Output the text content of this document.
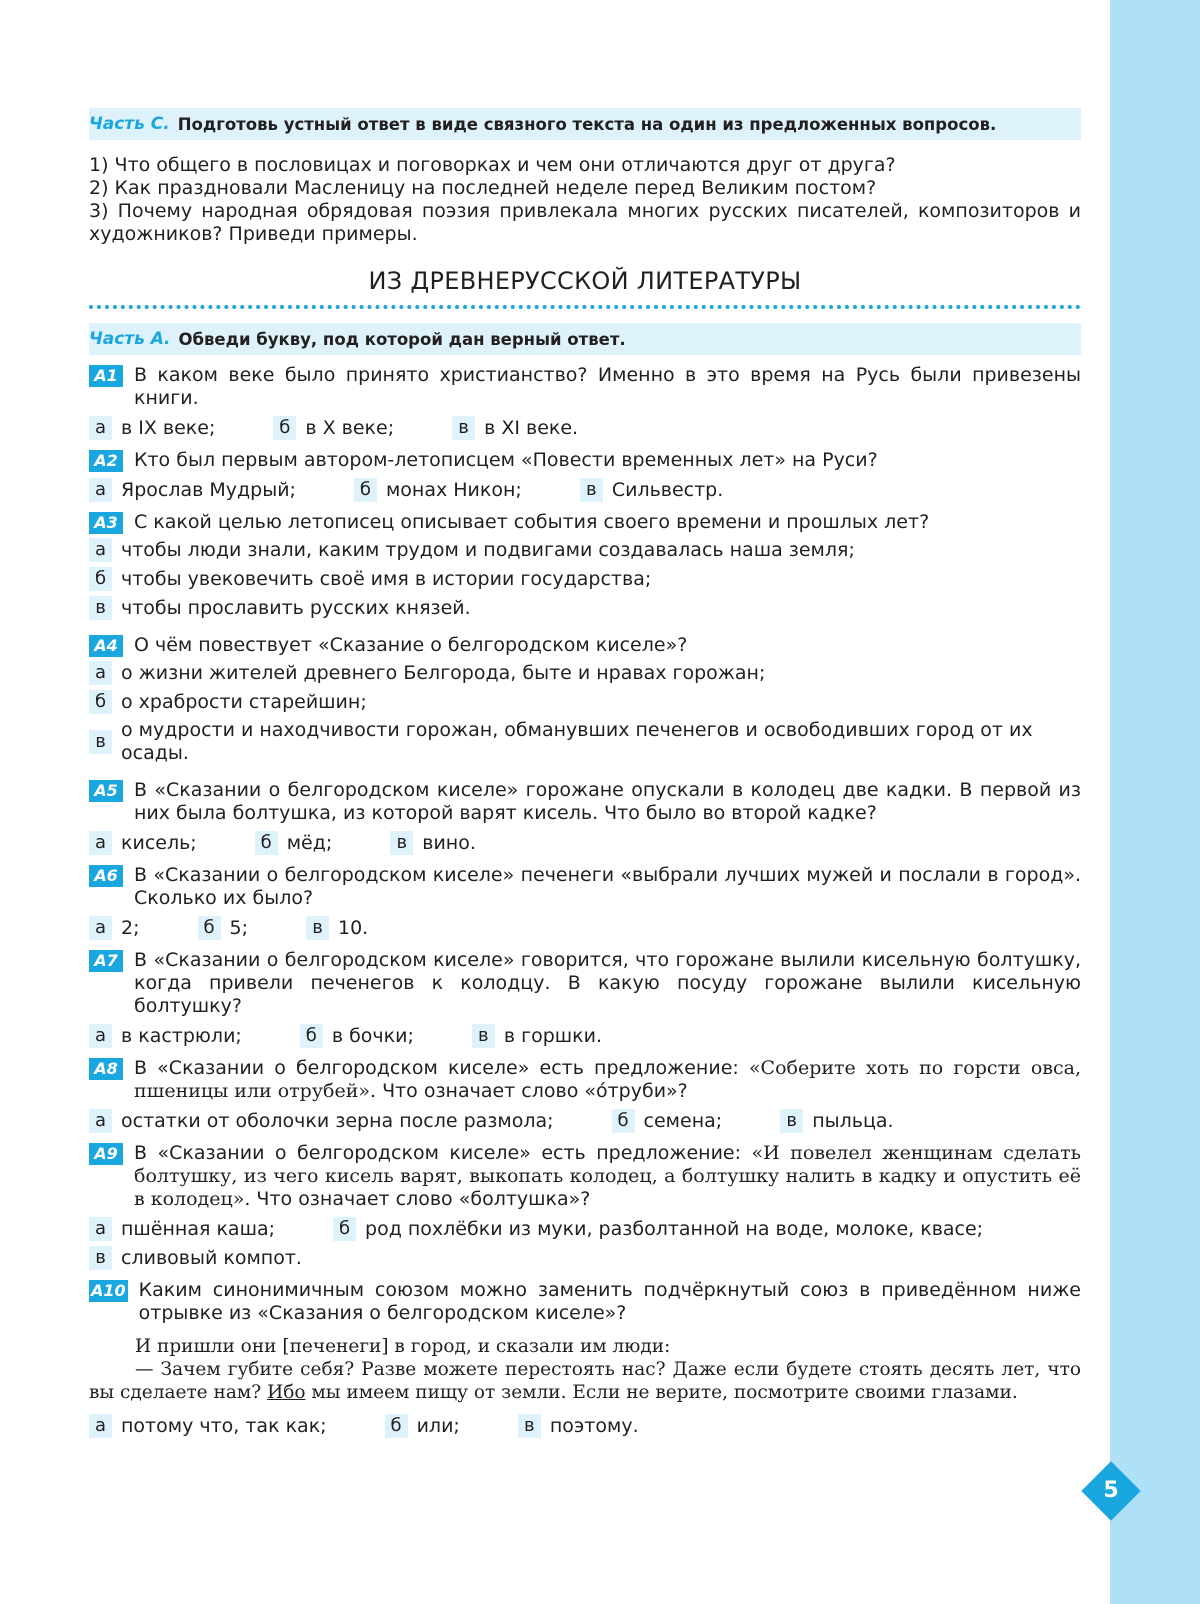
5
Часть С. Подготовь устный ответ в виде связного текста на один из предложенных вопросов.
1) Что общего в пословицах и поговорках и чем они отличаются друг от друга?
2) Как праздновали Масленицу на последней неделе перед Великим постом?
3) Почему народная обрядовая поэзия привлекала многих русских писателей, композиторов и художников? Приведи примеры.
ИЗ ДРЕВНЕРУССКОЙ ЛИТЕРАТУРЫ
Часть А. Обведи букву, под которой дан верный ответ.
А1 В каком веке было принято христианство? Именно в это время на Русь были привезены книги.
а в IX веке;	б в X веке;	в в XI веке.
А2 Кто был первым автором-летописцем «Повести временных лет» на Руси?
а Ярослав Мудрый;	б монах Никон;	в Сильвестр.
А3 С какой целью летописец описывает события своего времени и прошлых лет?
а чтобы люди знали, каким трудом и подвигами создавалась наша земля;
б чтобы увековечить своё имя в истории государства;
в чтобы прославить русских князей.
А4 О чём повествует «Сказание о белгородском киселе»?
а о жизни жителей древнего Белгорода, быте и нравах горожан;
б о храбрости старейшин;
в
о мудрости и находчивости горожан, обманувших печенегов и освободивших город от их осады.
А5 В «Сказании о белгородском киселе» горожане опускали в колодец две кадки. В первой из них была болтушка, из которой варят кисель. Что было во второй кадке?
а кисель;	б мёд;	в вино.
А6 В «Сказании о белгородском киселе» печенеги «выбрали лучших мужей и послали в город». Сколько их было?
а 2;	б 5;	в 10.
А7 В «Сказании о белгородском киселе» говорится, что горожане вылили кисельную болтушку, когда привели печенегов к колодцу. В какую посуду горожане вылили кисельную болтушку?
а в кастрюли;	б в бочки;	в в горшки.
А8 В «Сказании о белгородском киселе» есть предложение: «Соберите хоть по горсти овса, пшеницы или отрубей». Что означает слово «о́труби»?
а остатки от оболочки зерна после размола;	б семена;	в пыльца.
А9 В «Сказании о белгородском киселе» есть предложение: «И повелел женщинам сделать болтушку, из чего кисель варят, выкопать колодец, а болтушку налить в кадку и опустить её в колодец». Что означает слово «болтушка»?
а пшённая каша;	б род похлёбки из муки, разболтанной на воде, молоке, квасе;
в сливовый компот.
А10 Каким синонимичным союзом можно заменить подчёркнутый союз в приведённом ниже отрывке из «Сказания о белгородском киселе»?
И пришли они [печенеги] в город, и сказали им люди:
— Зачем губите себя? Разве можете перестоять нас? Даже если будете стоять десять лет, что вы сделаете нам? Ибо мы имеем пищу от земли. Если не верите, посмотрите своими глазами.
а потому что, так как;	б или;	в поэтому.
